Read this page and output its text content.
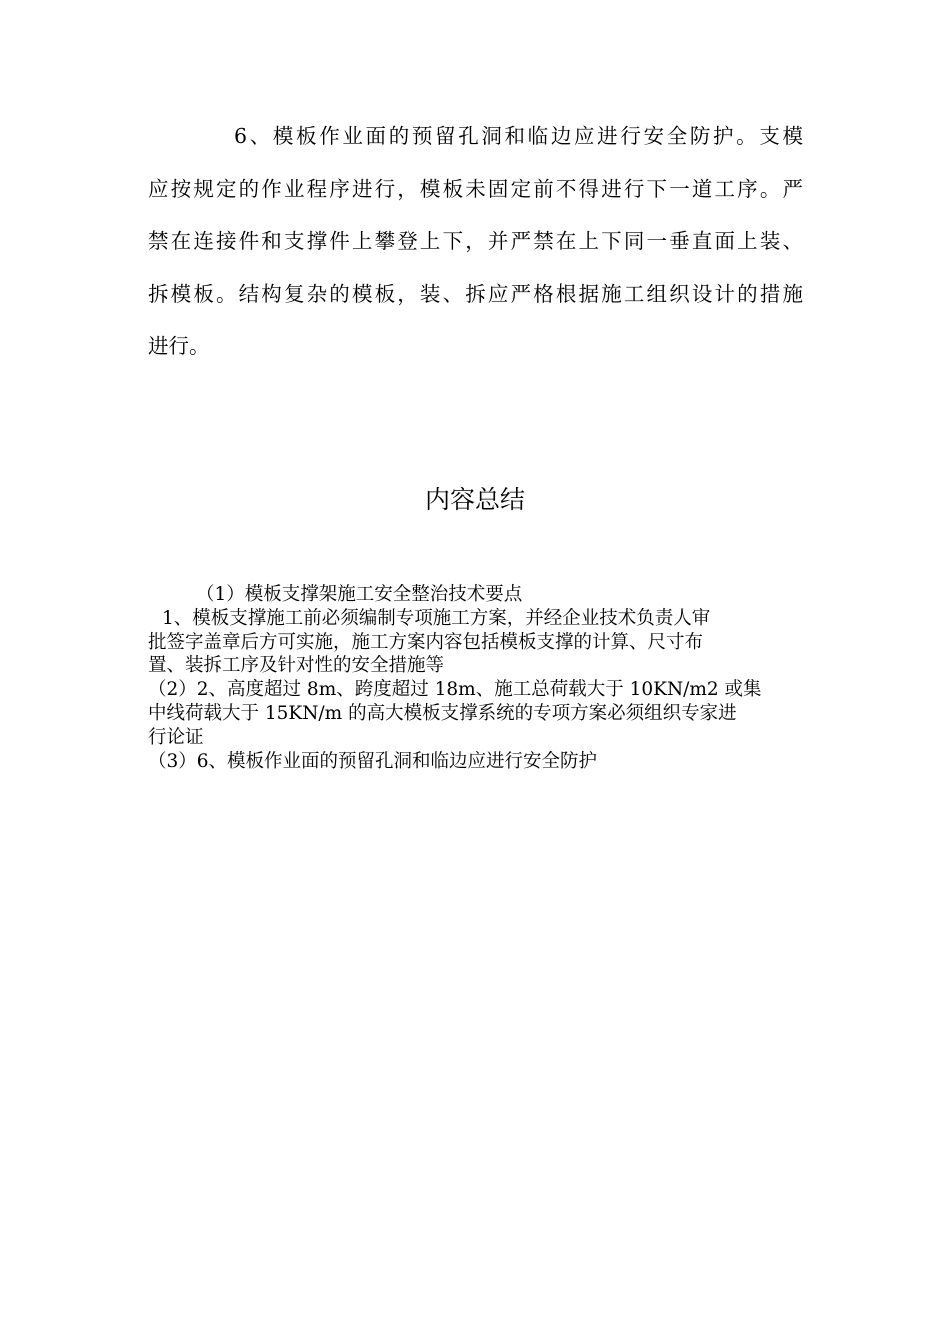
6、模板作业面的预留孔洞和临边应进行安全防护。支模
应按规定的作业程序进行，模板未固定前不得进行下一道工序。严
禁在连接件和支撑件上攀登上下，并严禁在上下同一垂直面上装、
拆模板。结构复杂的模板，装、拆应严格根据施工组织设计的措施
进行。
内容总结
（1）模板支撑架施工安全整治技术要点
1、模板支撑施工前必须编制专项施工方案，并经企业技术负责人审
批签字盖章后方可实施，施工方案内容包括模板支撑的计算、尺寸布
置、装拆工序及针对性的安全措施等
（2）2、高度超过 8m、跨度超过 18m、施工总荷载大于 10KN/m2 或集
中线荷载大于 15KN/m 的高大模板支撑系统的专项方案必须组织专家进
行论证
（3）6、模板作业面的预留孔洞和临边应进行安全防护
